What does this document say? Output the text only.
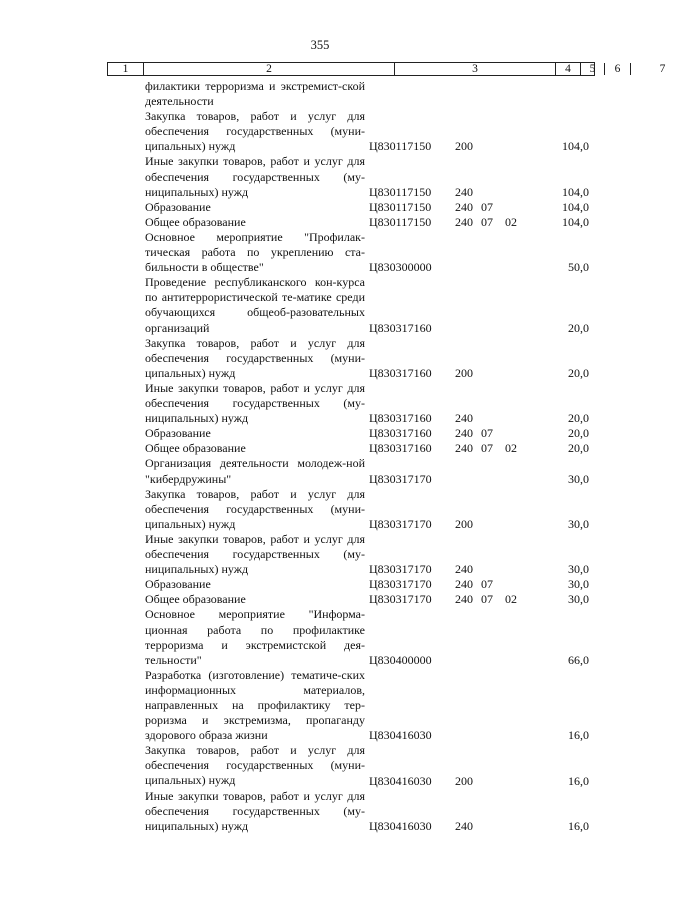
355
1	2	3	4	5	6	7
филактики терроризма и экстремист-ской деятельности
Закупка товаров, работ и услуг для обеспечения государственных (муни-ципальных) нужд	Ц830117150 200	104,0
Иные закупки товаров, работ и услуг для обеспечения государственных (му-ниципальных) нужд	Ц830117150 240	104,0
Образование	Ц830117150 240 07	104,0
Общее образование	Ц830117150 240 07 02	104,0
Основное мероприятие "Профилак-тическая работа по укреплению ста-бильности в обществе"	Ц830300000	50,0
Проведение республиканского кон-курса по антитеррористической те-матике среди обучающихся общеоб-разовательных организаций	Ц830317160	20,0
Закупка товаров, работ и услуг для обеспечения государственных (муни-ципальных) нужд	Ц830317160 200	20,0
Иные закупки товаров, работ и услуг для обеспечения государственных (му-ниципальных) нужд	Ц830317160 240	20,0
Образование	Ц830317160 240 07	20,0
Общее образование	Ц830317160 240 07 02	20,0
Организация деятельности молодеж-ной "кибердружины"	Ц830317170	30,0
Закупка товаров, работ и услуг для обеспечения государственных (муни-ципальных) нужд	Ц830317170 200	30,0
Иные закупки товаров, работ и услуг для обеспечения государственных (му-ниципальных) нужд	Ц830317170 240	30,0
Образование	Ц830317170 240 07	30,0
Общее образование	Ц830317170 240 07 02	30,0
Основное мероприятие "Информа-ционная работа по профилактике терроризма и экстремистской дея-тельности"	Ц830400000	66,0
Разработка (изготовление) тематиче-ских информационных материалов, направленных на профилактику тер-роризма и экстремизма, пропаганду здорового образа жизни	Ц830416030	16,0
Закупка товаров, работ и услуг для обеспечения государственных (муни-ципальных) нужд	Ц830416030 200	16,0
Иные закупки товаров, работ и услуг для обеспечения государственных (му-ниципальных) нужд	Ц830416030 240	16,0
